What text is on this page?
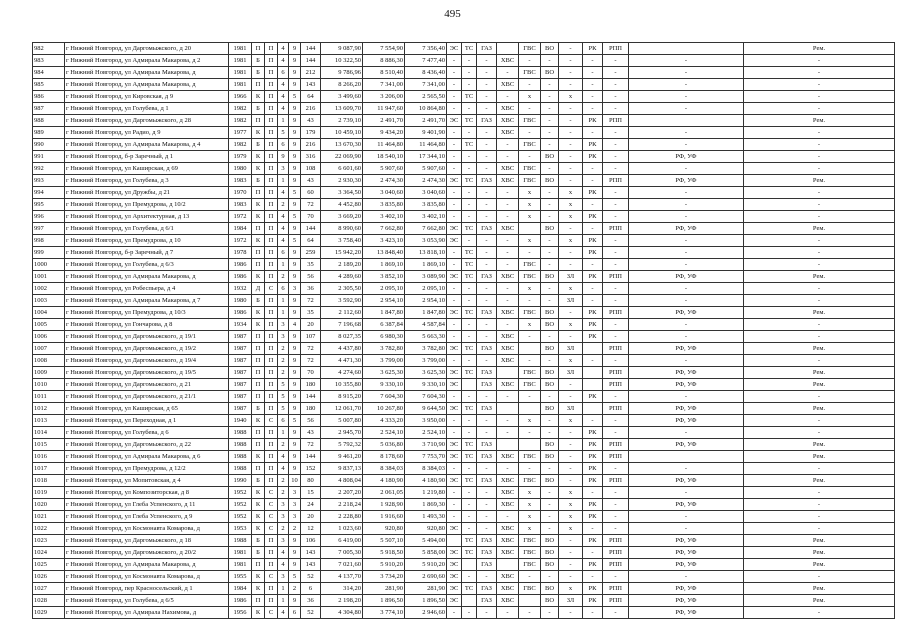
495
982	г Нижний Новгород, ул Даргомыжского, д 20	1981	П	П	4	9	144	9 087,90	7 554,90	7 356,40	ЭС	ТС	ГАЗ		ГВС	ВО	-	РК	РПП		Рем.
983	г Нижний Новгород, ул Адмирала Макарова, д 2	1981	Б	П	4	9	144	10 322,50	8 886,30	7 477,40	-	-	-	ХВС	-	-	-	-	-	-	-
984	г Нижний Новгород, ул Адмирала Макарова, д	1981	Б	П	6	9	212	9 786,96	8 510,40	8 436,40	-	-	-	-	ГВС	ВО	-	-	-	-	-
985	г Нижний Новгород, ул Адмирала Макарова, д	1981	П	П	4	9	143	8 266,20	7 341,00	7 341,00	-	-	-	ХВС	-	-	-	-	-	-	-
986	г Нижний Новгород, ул Кировская, д 9	1966	К	П	4	5	64	3 499,60	3 206,00	2 565,50	-	ТС	-	-	х	-	х	-	-	-	-
987	г Нижний Новгород, ул Голубева, д 1	1982	Б	П	4	9	216	13 609,70	11 947,60	10 864,80	-	-	-	ХВС	-	-	-	-	-	-	-
988	г Нижний Новгород, ул Даргомыжского, д 28	1982	П	П	1	9	43	2 739,10	2 491,70	2 491,70	ЭС	ТС	ГАЗ	ХВС	ГВС	-	-	РК	РПП		Рем.
989	г Нижний Новгород, ул Радио, д 9	1977	К	П	5	9	179	10 459,10	9 434,20	9 401,90	-	-	-	ХВС	-	-	-	-	-	-	-
990	г Нижний Новгород, ул Адмирала Макарова, д 4	1982	Б	П	6	9	216	13 670,30	11 464,80	11 464,80	-	ТС	-	-	ГВС	-	-	РК	-	-	-
991	г Нижний Новгород, б-р Заречный, д 1	1979	К	П	9	9	316	22 069,90	18 540,10	17 344,10	-	-	-	-	-	ВО	-	РК	-	РФ, УФ	-
992	г Нижний Новгород, ул Каширская, д 69	1980	К	П	3	9	108	6 601,60	5 907,60	5 907,60	-	-	-	ХВС	ГВС	-	-	-	-	-	-
993	г Нижний Новгород, ул Голубева, д 3	1983	Б	П	1	9	43	2 930,30	2 474,30	2 474,30	ЭС	ТС	ГАЗ	ХВС	ГВС	ВО	-	-	РПП	РФ, УФ	Рем.
994	г Нижний Новгород, ул Дружбы, д 21	1970	П	П	4	5	60	3 364,50	3 040,60	3 040,60	-	-	-	-	х	-	х	РК	-	-	-
995	г Нижний Новгород, ул Премудрова, д 10/2	1983	К	П	2	9	72	4 452,80	3 835,80	3 835,80	-	-	-	-	х	-	х	-	-	-	-
996	г Нижний Новгород, ул Архитектурная, д 13	1972	К	П	4	5	70	3 669,20	3 402,10	3 402,10	-	-	-	-	х	-	х	РК	-	-	-
997	г Нижний Новгород, ул Голубева, д 6/1	1984	П	П	4	9	144	8 990,60	7 662,80	7 662,80	ЭС	ТС	ГАЗ	ХВС		ВО	-	-	РПП	РФ, УФ	Рем.
998	г Нижний Новгород, ул Премудрова, д 10	1972	К	П	4	5	64	3 758,40	3 423,10	3 053,90	ЭС	-	-	-	х	-	х	РК	-	-	-
999	г Нижний Новгород, б-р Заречный, д 7	1978	П	П	6	9	259	15 942,20	13 848,40	13 818,10	-	ТС	-	-	-	-	-	РК	-	-	-
1000	г Нижний Новгород, ул Голубева, д 6/3	1986	П	П	1	9	35	2 189,20	1 869,10	1 869,10	-	ТС	-	-	ГВС	-	-	-	-	-	-
1001	г Нижний Новгород, ул Адмирала Макарова, д	1986	К	П	2	9	56	4 289,60	3 852,10	3 089,90	ЭС	ТС	ГАЗ	ХВС	ГВС	ВО	ЗЛ	РК	РПП	РФ, УФ	Рем.
1002	г Нижний Новгород, ул Робеспьера, д 4	1932	Д	С	6	3	36	2 305,50	2 095,10	2 095,10	-	-	-	-	х	-	х	-	-	-	-
1003	г Нижний Новгород, ул Адмирала Макарова, д 7	1980	Б	П	1	9	72	3 592,90	2 954,10	2 954,10	-	-	-	-	-	-	ЗЛ	-	-	-	-
1004	г Нижний Новгород, ул Премудрова, д 10/3	1986	К	П	1	9	35	2 112,60	1 847,80	1 847,80	ЭС	ТС	ГАЗ	ХВС	ГВС	ВО	-	РК	РПП	РФ, УФ	Рем.
1005	г Нижний Новгород, ул Гончарова, д 8	1934	К	П	3	4	20	7 196,68	6 387,84	4 587,84	-	-	-	-	х	ВО	х	РК	-	-	-
1006	г Нижний Новгород, ул Даргомыжского, д 19/1	1987	П	П	3	9	107	8 027,35	6 980,30	5 663,30	-	-	-	ХВС	-	-	-	РК	-	-	-
1007	г Нижний Новгород, ул Даргомыжского, д 19/2	1987	П	П	2	9	72	4 437,80	3 782,80	3 782,80	ЭС	ТС	ГАЗ	ХВС		ВО	ЗЛ		РПП	РФ, УФ	Рем.
1008	г Нижний Новгород, ул Даргомыжского, д 19/4	1987	П	П	2	9	72	4 471,30	3 799,00	3 799,00	-	-	-	ХВС	-	-	х	-	-	-	-
1009	г Нижний Новгород, ул Даргомыжского, д 19/5	1987	П	П	2	9	70	4 274,60	3 625,30	3 625,30	ЭС	ТС	ГАЗ		ГВС	ВО	ЗЛ		РПП	РФ, УФ	Рем.
1010	г Нижний Новгород, ул Даргомыжского, д 21	1987	П	П	5	9	180	10 355,80	9 330,10	9 330,10	ЭС		ГАЗ	ХВС	ГВС	ВО	-		РПП	РФ, УФ	Рем.
1011	г Нижний Новгород, ул Даргомыжского, д 21/1	1987	П	П	5	9	144	8 915,20	7 604,30	7 604,30	-	-	-	-	-	-	-	РК	-	-	-
1012	г Нижний Новгород, ул Каширская, д 65	1987	Б	П	5	9	180	12 061,70	10 267,80	9 644,50	ЭС	ТС	ГАЗ			ВО	ЗЛ		РПП	РФ, УФ	Рем.
1013	г Нижний Новгород, ул Переходная, д 1	1940	К	С	6	5	56	5 007,80	4 333,20	3 950,00	-	-	-	-	х	-	х	-	-	РФ, УФ	-
1014	г Нижний Новгород, ул Голубева, д 6	1988	П	П	1	9	43	2 945,70	2 524,10	2 524,10	-	-	-	-	-	-	-	РК	-	-	-
1015	г Нижний Новгород, ул Даргомыжского, д 22	1988	П	П	2	9	72	5 792,32	5 036,80	3 710,90	ЭС	ТС	ГАЗ			ВО	-	РК	РПП	РФ, УФ	Рем.
1016	г Нижний Новгород, ул Адмирала Макарова, д 6	1988	К	П	4	9	144	9 461,20	8 178,60	7 753,70	ЭС	ТС	ГАЗ	ХВС	ГВС	ВО	-	РК	РПП		Рем.
1017	г Нижний Новгород, ул Премудрова, д 12/2	1988	П	П	4	9	152	9 837,13	8 384,03	8 384,03	-	-	-	-	-	-	-	РК	-	-	-
1018	г Нижний Новгород, ул Мопитовская, д 4	1990	Б	П	2	10	80	4 808,04	4 180,90	4 180,90	ЭС	ТС	ГАЗ	ХВС	ГВС	ВО	-	РК	РПП	РФ, УФ	Рем.
1019	г Нижний Новгород, ул Композиторская, д 8	1952	К	С	2	3	15	2 207,20	2 061,05	1 219,80	-	-	-	ХВС	х	-	х	-	-	-	-
1020	г Нижний Новгород, ул Глеба Успенского, д 11	1952	К	С	3	3	24	2 218,24	1 928,90	1 869,30	-	-	-	ХВС	х	-	х	РК	-	РФ, УФ	-
1021	г Нижний Новгород, ул Глеба Успенского, д 9	1952	К	С	3	3	20	2 228,80	1 916,60	1 493,30	-	-	-	-	х	-	х	РК	-	-	-
1022	г Нижний Новгород, ул Космонавта Комарова, д	1953	К	С	2	2	12	1 023,60	920,80	920,80	ЭС	-	-	ХВС	х	-	х	-	-	-	-
1023	г Нижний Новгород, ул Даргомыжского, д 18	1988	Б	П	3	9	106	6 419,00	5 507,10	5 494,00		ТС	ГАЗ	ХВС	ГВС	ВО	-	РК	РПП	РФ, УФ	Рем.
1024	г Нижний Новгород, ул Даргомыжского, д 20/2	1981	Б	П	4	9	143	7 005,30	5 918,50	5 858,00	ЭС	ТС	ГАЗ	ХВС	ГВС	ВО	-	-	РПП	РФ, УФ	Рем.
1025	г Нижний Новгород, ул Адмирала Макарова, д	1981	П	П	4	9	143	7 021,60	5 910,20	5 910,20	ЭС		ГАЗ		ГВС	ВО	-	РК	РПП	РФ, УФ	Рем.
1026	г Нижний Новгород, ул Космонавта Комарова, д	1955	К	С	3	5	52	4 137,70	3 734,20	2 690,60	ЭС	-	-	ХВС	-	-	-	-	-	-	-
1027	г Нижний Новгород, пер Красносельский, д 1	1984	К	П	1	2	6	314,20	281,90	281,90	ЭС	ТС	ГАЗ	ХВС	ГВС	ВО	х	РК	РПП	РФ, УФ	Рем.
1028	г Нижний Новгород, ул Голубева, д 6/5	1986	П	П	1	9	36	2 198,20	1 896,50	1 896,50	ЭС		ГАЗ	ХВС		ВО	ЗЛ	РК	РПП	РФ, УФ	Рем.
1029	г Нижний Новгород, ул Адмирала Нахимова, д	1956	К	С	4	6	52	4 304,80	3 774,10	2 946,60	-	-	-	-	-	-	-	-	-	РФ, УФ	-
